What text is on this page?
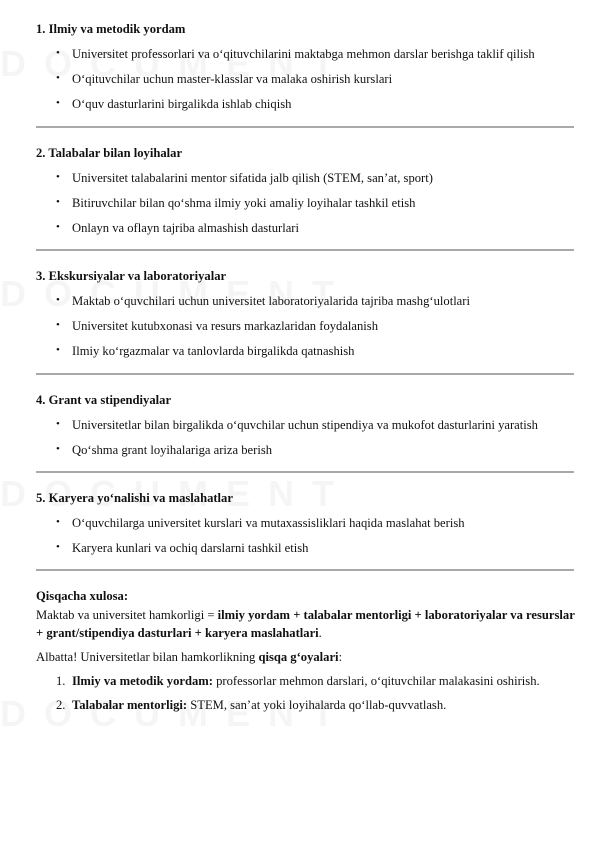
1. Ilmiy va metodik yordam
• Universitet professorlari va o‘qituvchilarini maktabga mehmon darslar berishga taklif qilish
• O‘qituvchilar uchun master-klasslar va malaka oshirish kurslari
• O‘quv dasturlarini birgalikda ishlab chiqish
2. Talabalar bilan loyihalar
• Universitet talabalarini mentor sifatida jalb qilish (STEM, san’at, sport)
• Bitiruvchilar bilan qo‘shma ilmiy yoki amaliy loyihalar tashkil etish
• Onlayn va oflayn tajriba almashish dasturlari
3. Ekskursiyalar va laboratoriyalar
• Maktab o‘quvchilari uchun universitet laboratoriyalarida tajriba mashg‘ulotlari
• Universitet kutubxonasi va resurs markazlaridan foydalanish
• Ilmiy ko‘rgazmalar va tanlovlarda birgalikda qatnashish
4. Grant va stipendiyalar
• Universitetlar bilan birgalikda o‘quvchilar uchun stipendiya va mukofot dasturlarini yaratish
• Qo‘shma grant loyihalariga ariza berish
5. Karyera yo‘nalishi va maslahatlar
• O‘quvchilarga universitet kurslari va mutaxassisliklari haqida maslahat berish
• Karyera kunlari va ochiq darslarni tashkil etish

Qisqacha xulosa:

Maktab va universitet hamkorligi = ilmiy yordam + talabalar mentorligi + laboratoriyalar va resurslar + grant/stipendiya dasturlari + karyera maslahatlari.

Albatta! Universitetlar bilan hamkorlikning qisqa g‘oyalari:

1. Ilmiy va metodik yordam: professorlar mehmon darslari, o‘qituvchilar malakasini oshirish.
2. Talabalar mentorligi: STEM, san’at yoki loyihalarda qo‘llab-quvvatlash.
